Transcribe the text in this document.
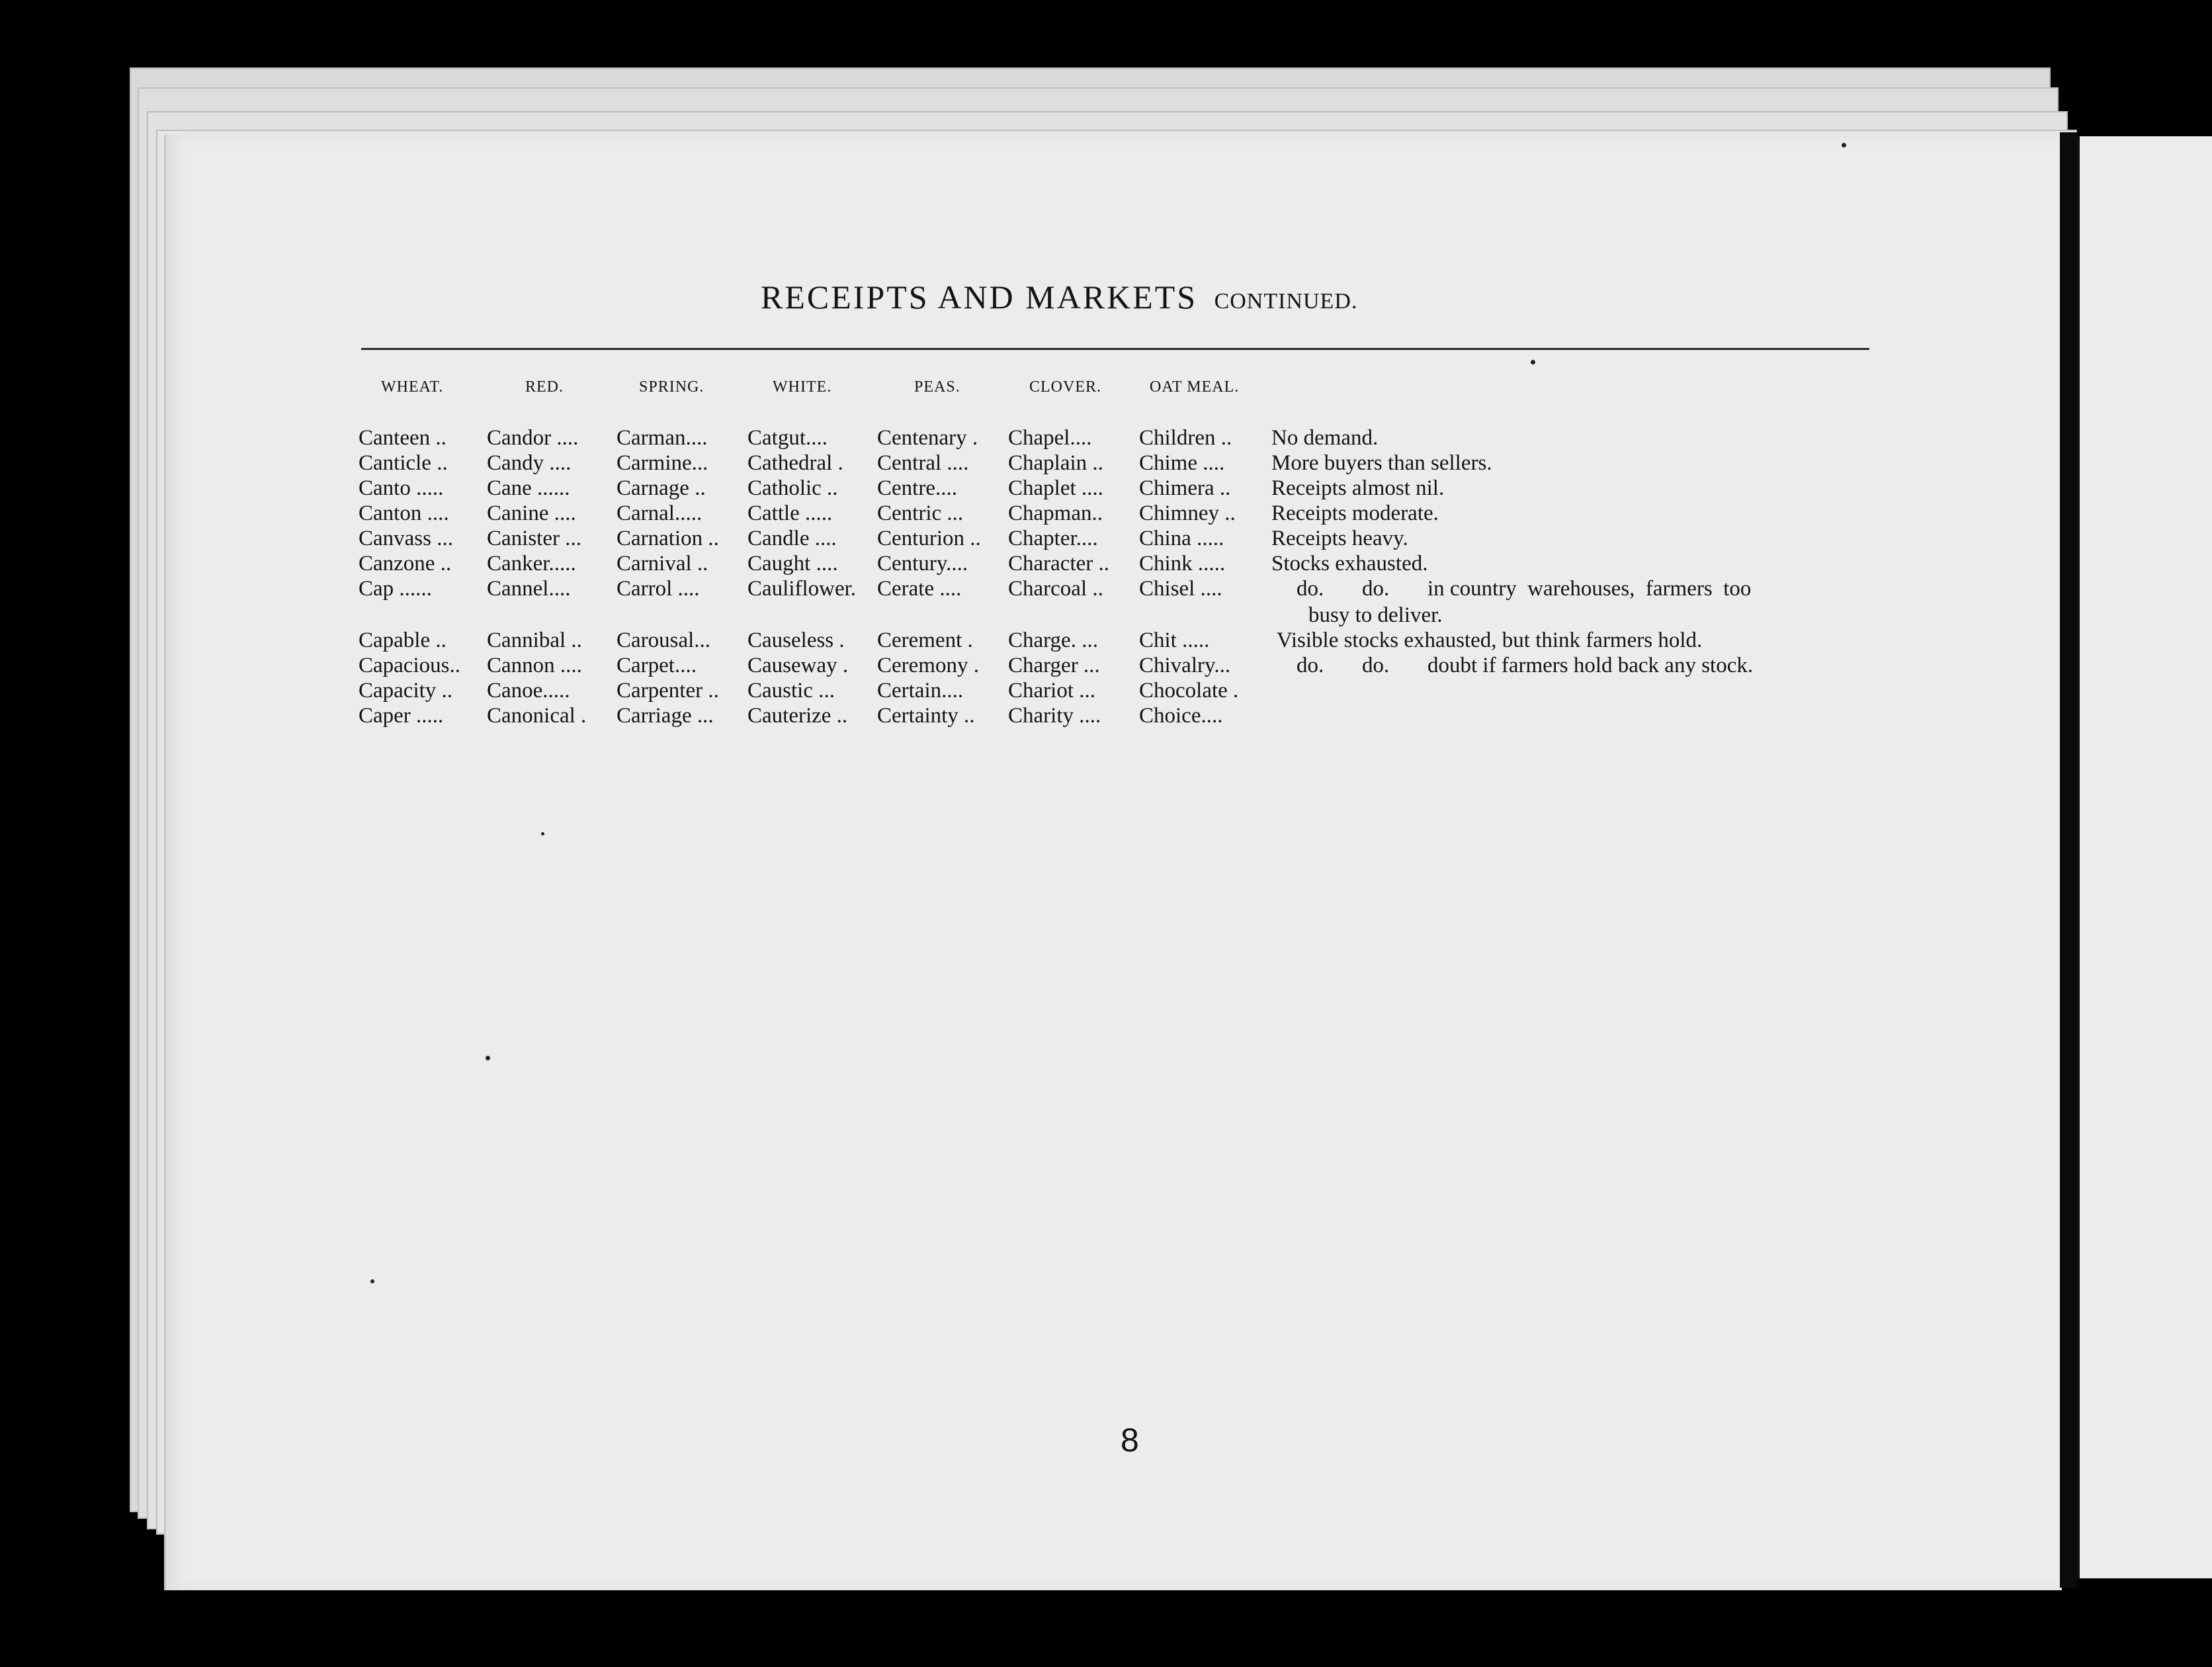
RECEIPTS AND MARKETS CONTINUED.
WHEAT.	RED.	SPRING.	WHITE.	PEAS.	CLOVER.	OAT MEAL.
Canteen .. Candor .... Carman.... Catgut.... Centenary . Chapel.... Children .. No demand.
Canticle .. Candy .... Carmine... Cathedral . Central .... Chaplain .. Chime .... More buyers than sellers.
Canto ..... Cane ...... Carnage .. Catholic .. Centre.... Chaplet .... Chimera .. Receipts almost nil.
Canton .... Canine .... Carnal..... Cattle ..... Centric ... Chapman.. Chimney .. Receipts moderate.
Canvass ... Canister ... Carnation .. Candle .... Centurion .. Chapter.... China ..... Receipts heavy.
Canzone .. Canker..... Carnival .. Caught .... Century.... Character .. Chink ..... Stocks exhausted.
Cap ......	Cannel.... Carrol .... Cauliflower. Cerate .... Charcoal .. Chisel ....	do.       do.       in country  warehouses,  farmers  too
busy to deliver.
Capable .. Cannibal .. Carousal... Causeless . Cerement . Charge. ... Chit .....	Visible stocks exhausted, but think farmers hold.
Capacious.. Cannon .... Carpet.... Causeway . Ceremony . Charger ... Chivalry...	do.       do.       doubt if farmers hold back any stock.
Capacity .. Canoe..... Carpenter .. Caustic ... Certain.... Chariot ... Chocolate .
Caper ..... Canonical . Carriage ... Cauterize .. Certainty .. Charity .... Choice....
8
